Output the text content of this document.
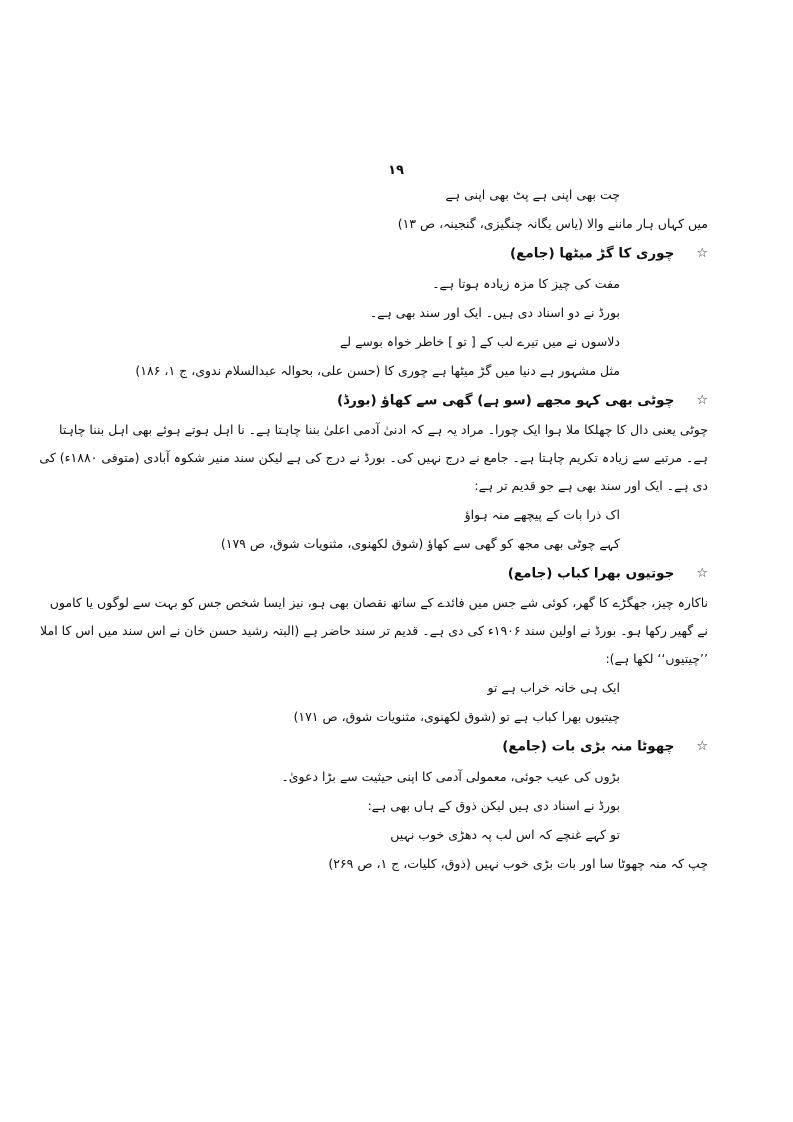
۱۹
چت بھی اپنی ہے پٹ بھی اپنی ہے
میں کہاں ہار ماننے والا (یاس یگانہ چنگیزی، گنجینہ، ص ۱۳)
☆چوری کا گڑ میٹھا (جامع)
مفت کی چیز کا مزہ زیادہ ہوتا ہے۔
بورڈ نے دو اسناد دی ہیں۔ ایک اور سند بھی ہے۔
دلاسوں نے میں تیرے لب کے [ تو ] خاطر خواہ بوسے لے
مثل مشہور ہے دنیا میں گڑ میٹھا ہے چوری کا (حسن علی، بحوالہ عبدالسلام ندوی، ج ۱، ۱۸۶)
☆چوٹی بھی کہو مجھے (سو ہے) گھی سے کھاؤ (بورڈ)
چوٹی یعنی دال کا چھلکا ملا ہوا ایک چورا۔ مراد یہ ہے کہ ادنیٰ آدمی اعلیٰ بننا چاہتا ہے۔ نا اہل ہوتے ہوئے بھی اہل بننا چاہتا
ہے۔ مرتبے سے زیادہ تکریم چاہتا ہے۔ جامع نے درج نہیں کی۔ بورڈ نے درج کی ہے لیکن سند منیر شکوہ آبادی (متوفی ۱۸۸۰ء) کی
دی ہے۔ ایک اور سند بھی ہے جو قدیم تر ہے:
اک ذرا بات کے پیچھے منہ ہواؤ
کہے چوٹی بھی مجھ کو گھی سے کھاؤ (شوق لکھنوی، مثنویات شوق، ص ۱۷۹)
☆جوتیوں بھرا کباب (جامع)
ناکارہ چیز، جھگڑے کا گھر، کوئی شے جس میں فائدے کے ساتھ نقصان بھی ہو، نیز ایسا شخص جس کو بہت سے لوگوں یا کاموں
نے گھیر رکھا ہو۔ بورڈ نے اولین سند ۱۹۰۶ء کی دی ہے۔ قدیم تر سند حاضر ہے (البتہ رشید حسن خان نے اس سند میں اس کا املا
’’چیتیوں‘‘ لکھا ہے):
ایک ہی خانہ خراب ہے تو
چیتیوں بھرا کباب ہے تو (شوق لکھنوی، مثنویات شوق، ص ۱۷۱)
☆چھوٹا منہ بڑی بات (جامع)
بڑوں کی عیب جوئی، معمولی آدمی کا اپنی حیثیت سے بڑا دعویٰ۔
بورڈ نے اسناد دی ہیں لیکن ذوق کے ہاں بھی ہے:
تو کہے غنچے کہ اس لب پہ دھڑی خوب نہیں
چپ کہ منہ چھوٹا سا اور بات بڑی خوب نہیں (ذوق، کلیات، ج ۱، ص ۲۶۹)
